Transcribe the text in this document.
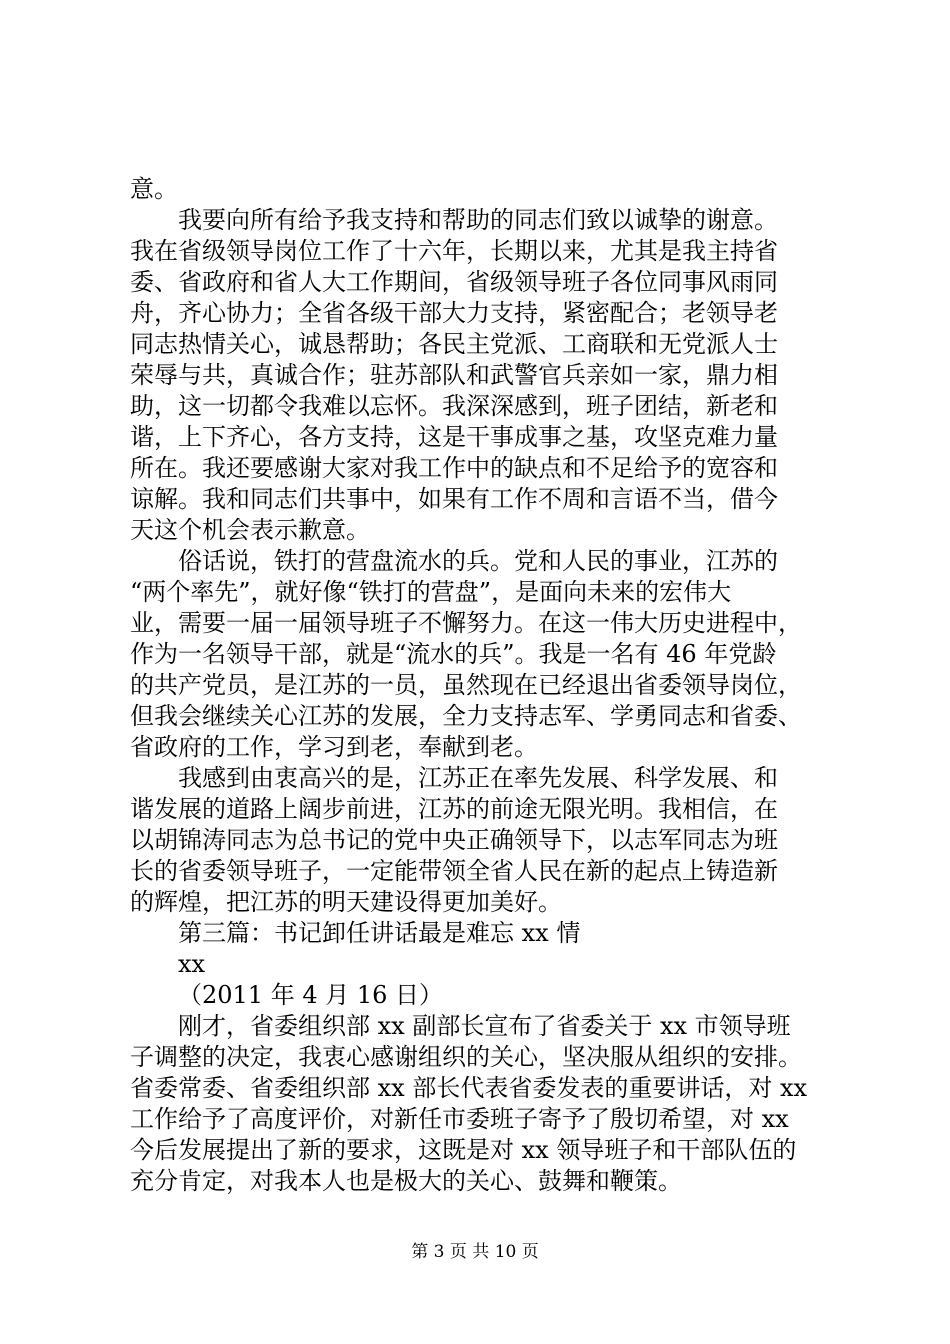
意。
我要向所有给予我支持和帮助的同志们致以诚挚的谢意。
我在省级领导岗位工作了十六年，长期以来，尤其是我主持省
委、省政府和省人大工作期间，省级领导班子各位同事风雨同
舟，齐心协力；全省各级干部大力支持，紧密配合；老领导老
同志热情关心，诚恳帮助；各民主党派、工商联和无党派人士
荣辱与共，真诚合作；驻苏部队和武警官兵亲如一家，鼎力相
助，这一切都令我难以忘怀。我深深感到，班子团结，新老和
谐，上下齐心，各方支持，这是干事成事之基，攻坚克难力量
所在。我还要感谢大家对我工作中的缺点和不足给予的宽容和
谅解。我和同志们共事中，如果有工作不周和言语不当，借今
天这个机会表示歉意。
俗话说，铁打的营盘流水的兵。党和人民的事业，江苏的
“两个率先”，就好像“铁打的营盘”，是面向未来的宏伟大
业，需要一届一届领导班子不懈努力。在这一伟大历史进程中，
作为一名领导干部，就是“流水的兵”。我是一名有 46 年党龄
的共产党员，是江苏的一员，虽然现在已经退出省委领导岗位，
但我会继续关心江苏的发展，全力支持志军、学勇同志和省委、
省政府的工作，学习到老，奉献到老。
我感到由衷高兴的是，江苏正在率先发展、科学发展、和
谐发展的道路上阔步前进，江苏的前途无限光明。我相信，在
以胡锦涛同志为总书记的党中央正确领导下，以志军同志为班
长的省委领导班子，一定能带领全省人民在新的起点上铸造新
的辉煌，把江苏的明天建设得更加美好。
第三篇：书记卸任讲话最是难忘 xx 情
xx
（2011 年 4 月 16 日）
刚才，省委组织部 xx 副部长宣布了省委关于 xx 市领导班
子调整的决定，我衷心感谢组织的关心，坚决服从组织的安排。
省委常委、省委组织部 xx 部长代表省委发表的重要讲话，对 xx
工作给予了高度评价，对新任市委班子寄予了殷切希望，对 xx
今后发展提出了新的要求，这既是对 xx 领导班子和干部队伍的
充分肯定，对我本人也是极大的关心、鼓舞和鞭策。
第 3 页 共 10 页
